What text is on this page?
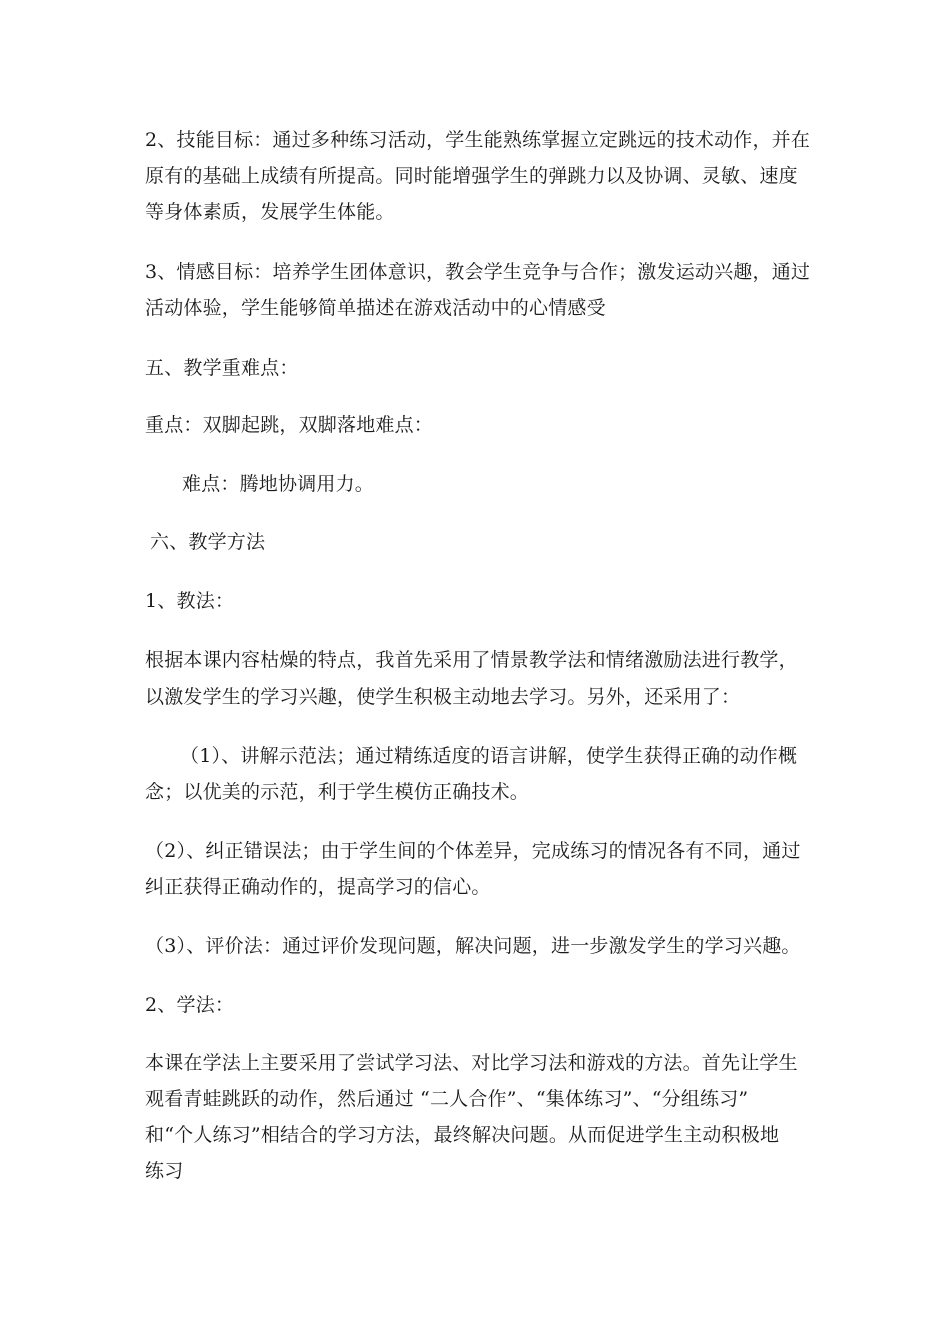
2、技能目标：通过多种练习活动，学生能熟练掌握立定跳远的技术动作，并在
原有的基础上成绩有所提高。同时能增强学生的弹跳力以及协调、灵敏、速度
等身体素质，发展学生体能。
3、情感目标：培养学生团体意识，教会学生竞争与合作；激发运动兴趣，通过
活动体验，学生能够简单描述在游戏活动中的心情感受
五、教学重难点：
重点：双脚起跳，双脚落地难点：
难点：腾地协调用力。
六、教学方法
1、教法：
根据本课内容枯燥的特点，我首先采用了情景教学法和情绪激励法进行教学，
以激发学生的学习兴趣，使学生积极主动地去学习。另外，还采用了：
（1）、讲解示范法；通过精练适度的语言讲解，使学生获得正确的动作概
念；以优美的示范，利于学生模仿正确技术。
（2）、纠正错误法；由于学生间的个体差异，完成练习的情况各有不同，通过
纠正获得正确动作的，提高学习的信心。
（3）、评价法：通过评价发现问题，解决问题，进一步激发学生的学习兴趣。
2、学法：
本课在学法上主要采用了尝试学习法、对比学习法和游戏的方法。首先让学生
观看青蛙跳跃的动作，然后通过 “二人合作”、“集体练习”、“分组练习”
和“个人练习”相结合的学习方法，最终解决问题。从而促进学生主动积极地
练习
